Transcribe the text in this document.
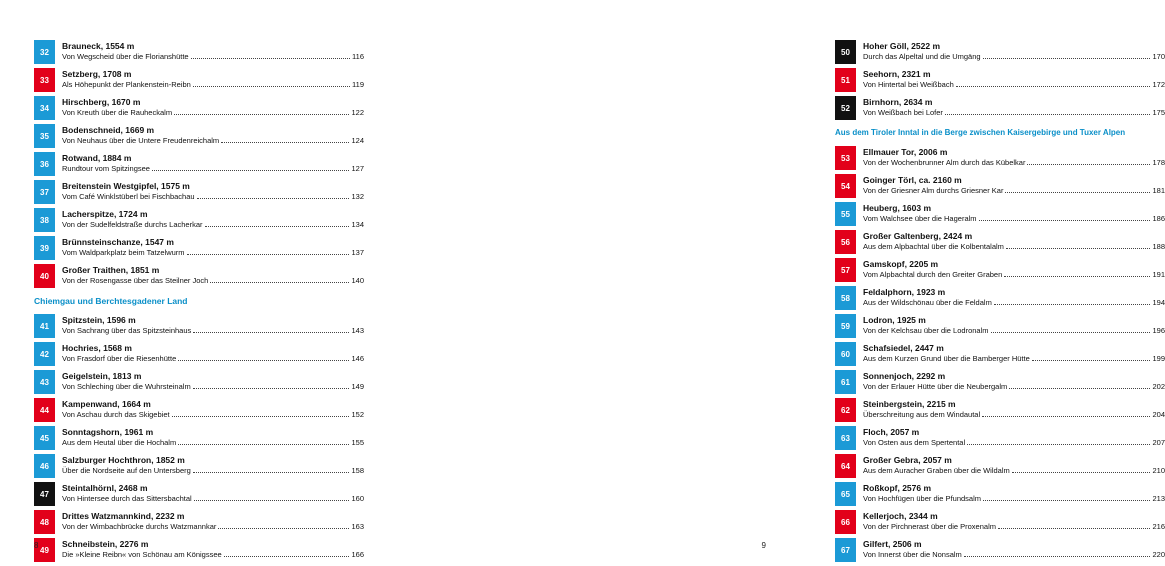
32
Brauneck, 1554 m
Von Wegscheid über die Florianshütte	116
33
Setzberg, 1708 m
Als Höhepunkt der Plankenstein-Reibn	119
34
Hirschberg, 1670 m
Von Kreuth über die Rauheckalm	122
35
Bodenschneid, 1669 m
Von Neuhaus über die Untere Freudenreichalm	124
36
Rotwand, 1884 m
Rundtour vom Spitzingsee	127
37
Breitenstein Westgipfel, 1575 m
Vom Café Winklstüberl bei Fischbachau	132
38
Lacherspitze, 1724 m
Von der Sudelfeldstraße durchs Lacherkar	134
39
Brünnsteinschanze, 1547 m
Vom Waldparkplatz beim Tatzelwurm	137
40
Großer Traithen, 1851 m
Von der Rosengasse über das Steilner Joch	140
Chiemgau und Berchtesgadener Land
41
Spitzstein, 1596 m
Von Sachrang über das Spitzsteinhaus	143
42
Hochries, 1568 m
Von Frasdorf über die Riesenhütte	146
43
Geigelstein, 1813 m
Von Schleching über die Wuhrsteinalm	149
44
Kampenwand, 1664 m
Von Aschau durch das Skigebiet	152
45
Sonntagshorn, 1961 m
Aus dem Heutal über die Hochalm	155
46
Salzburger Hochthron, 1852 m
Über die Nordseite auf den Untersberg	158
47
Steintalhörnl, 2468 m
Von Hintersee durch das Sittersbachtal	160
48
Drittes Watzmannkind, 2232 m
Von der Wimbachbrücke durchs Watzmannkar	163
49
Schneibstein, 2276 m
Die »Kleine Reibn« von Schönau am Königssee	166
8
50
Hoher Göll, 2522 m
Durch das Alpeltal und die Umgäng	170
51
Seehorn, 2321 m
Von Hintertal bei Weißbach	172
52
Birnhorn, 2634 m
Von Weißbach bei Lofer	175
Aus dem Tiroler Inntal in die Berge zwischen Kaisergebirge und Tuxer Alpen
53
Ellmauer Tor, 2006 m
Von der Wochenbrunner Alm durch das Kübelkar	178
54
Goinger Törl, ca. 2160 m
Von der Griesner Alm durchs Griesner Kar	181
55
Heuberg, 1603 m
Vom Walchsee über die Hageralm	186
56
Großer Galtenberg, 2424 m
Aus dem Alpbachtal über die Kolbentalalm	188
57
Gamskopf, 2205 m
Vom Alpbachtal durch den Greiter Graben	191
58
Feldalphorn, 1923 m
Aus der Wildschönau über die Feldalm	194
59
Lodron, 1925 m
Von der Kelchsau über die Lodronalm	196
60
Schafsiedel, 2447 m
Aus dem Kurzen Grund über die Bamberger Hütte	199
61
Sonnenjoch, 2292 m
Von der Erlauer Hütte über die Neubergalm	202
62
Steinbergstein, 2215 m
Überschreitung aus dem Windautal	204
63
Floch, 2057 m
Von Osten aus dem Spertental	207
64
Großer Gebra, 2057 m
Aus dem Auracher Graben über die Wildalm	210
65
Roßkopf, 2576 m
Von Hochfügen über die Pfundsalm	213
66
Kellerjoch, 2344 m
Von der Pirchnerast über die Proxenalm	216
67
Gilfert, 2506 m
Von Innerst über die Nonsalm	220
9
